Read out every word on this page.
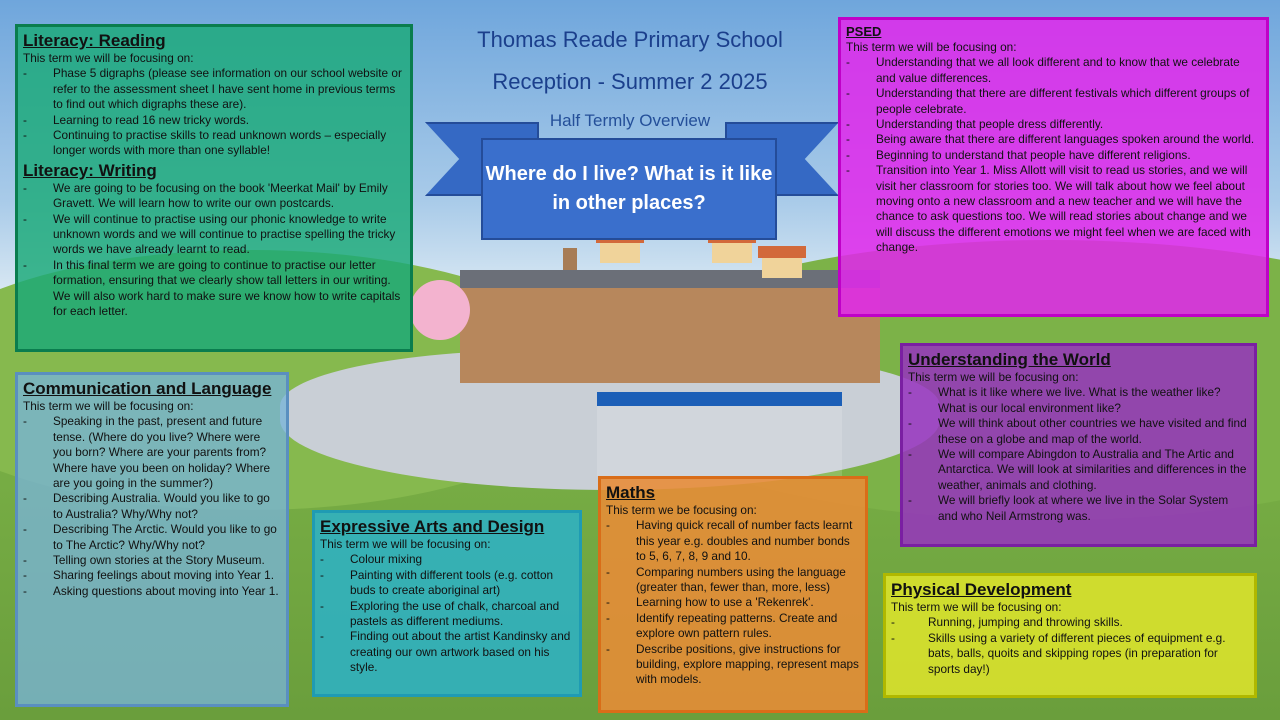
Thomas Reade Primary School
Reception - Summer 2 2025
Half Termly Overview
Where do I live? What is it like in other places?
Literacy: Reading

This term we will be focusing on:

- Phase 5 digraphs (please see information on our school website or refer to the assessment sheet I have sent home in previous terms to find out which digraphs these are).
- Learning to read 16 new tricky words.
- Continuing to practise skills to read unknown words – especially longer words with more than one syllable!
Literacy: Writing
- We are going to be focusing on the book 'Meerkat Mail' by Emily Gravett. We will learn how to write our own postcards.
- We will continue to practise using our phonic knowledge to write unknown words and we will continue to practise spelling the tricky words we have already learnt to read.
- In this final term we are going to continue to practise our letter formation, ensuring that we clearly show tall letters in our writing. We will also work hard to make sure we know how to write capitals for each letter.
Communication and Language

This term we will be focusing on:

- Speaking in the past, present and future tense. (Where do you live? Where were you born? Where are your parents from? Where have you been on holiday? Where are you going in the summer?)
- Describing Australia. Would you like to go to Australia? Why/Why not?
- Describing The Arctic. Would you like to go to The Arctic? Why/Why not?
- Telling own stories at the Story Museum.
- Sharing feelings about moving into Year 1.
- Asking questions about moving into Year 1.
Expressive Arts and Design

This term we will be focusing on:

- Colour mixing
- Painting with different tools (e.g. cotton buds to create aboriginal art)
- Exploring the use of chalk, charcoal and pastels as different mediums.
- Finding out about the artist Kandinsky and creating our own artwork based on his style.
Maths

This term we be focusing on:

- Having quick recall of number facts learnt this year e.g. doubles and number bonds to 5, 6, 7, 8, 9 and 10.
- Comparing numbers using the language (greater than, fewer than, more, less)
- Learning how to use a 'Rekenrek'.
- Identify repeating patterns. Create and explore own pattern rules.
- Describe positions, give instructions for building, explore mapping, represent maps with models.
PSED

This term we will be focusing on:

- Understanding that we all look different and to know that we celebrate and value differences.
- Understanding that there are different festivals which different groups of people celebrate.
- Understanding that people dress differently.
- Being aware that there are different languages spoken around the world.
- Beginning to understand that people have different religions.
- Transition into Year 1. Miss Allott will visit to read us stories, and we will visit her classroom for stories too. We will talk about how we feel about moving onto a new classroom and a new teacher and we will have the chance to ask questions too. We will read stories about change and we will discuss the different emotions we might feel when we are faced with change.
Understanding the World

This term we will be focusing on:

- What is it like where we live. What is the weather like? What is our local environment like?
- We will think about other countries we have visited and find these on a globe and map of the world.
- We will compare Abingdon to Australia and The Artic and Antarctica. We will look at similarities and differences in the weather, animals and clothing.
- We will briefly look at where we live in the Solar System and who Neil Armstrong was.
Physical Development

This term we will be focusing on:

- Running, jumping and throwing skills.
- Skills using a variety of different pieces of equipment e.g. bats, balls, quoits and skipping ropes (in preparation for sports day!)
